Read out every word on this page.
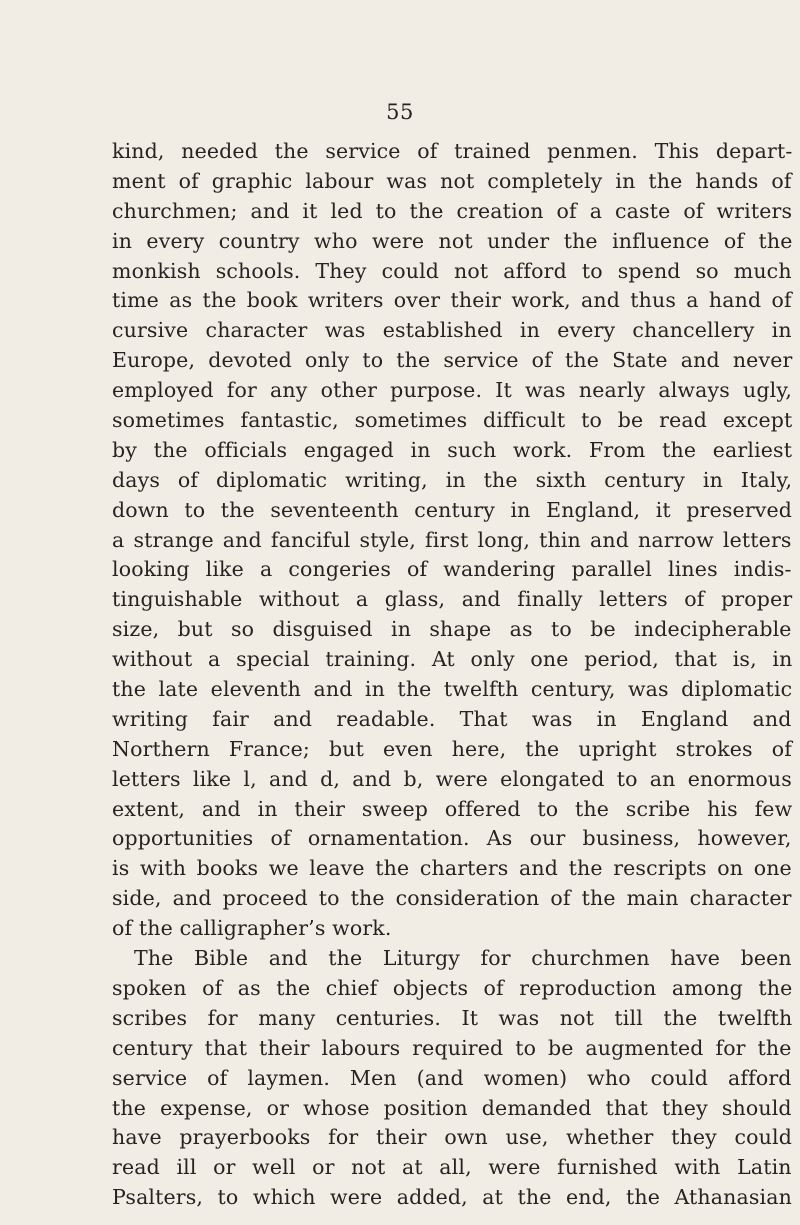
55
kind, needed the service of trained penmen. This depart-
ment of graphic labour was not completely in the hands of
churchmen; and it led to the creation of a caste of writers
in every country who were not under the influence of the
monkish schools. They could not afford to spend so much
time as the book writers over their work, and thus a hand of
cursive character was established in every chancellery in
Europe, devoted only to the service of the State and never
employed for any other purpose. It was nearly always ugly,
sometimes fantastic, sometimes difficult to be read except
by the officials engaged in such work. From the earliest
days of diplomatic writing, in the sixth century in Italy,
down to the seventeenth century in England, it preserved
a strange and fanciful style, first long, thin and narrow letters
looking like a congeries of wandering parallel lines indis-
tinguishable without a glass, and finally letters of proper
size, but so disguised in shape as to be indecipherable
without a special training. At only one period, that is, in
the late eleventh and in the twelfth century, was diplomatic
writing fair and readable. That was in England and
Northern France; but even here, the upright strokes of
letters like l, and d, and b, were elongated to an enormous
extent, and in their sweep offered to the scribe his few
opportunities of ornamentation. As our business, however,
is with books we leave the charters and the rescripts on one
side, and proceed to the consideration of the main character
of the calligrapher’s work.
The Bible and the Liturgy for churchmen have been
spoken of as the chief objects of reproduction among the
scribes for many centuries. It was not till the twelfth
century that their labours required to be augmented for the
service of laymen. Men (and women) who could afford
the expense, or whose position demanded that they should
have prayerbooks for their own use, whether they could
read ill or well or not at all, were furnished with Latin
Psalters, to which were added, at the end, the Athanasian
